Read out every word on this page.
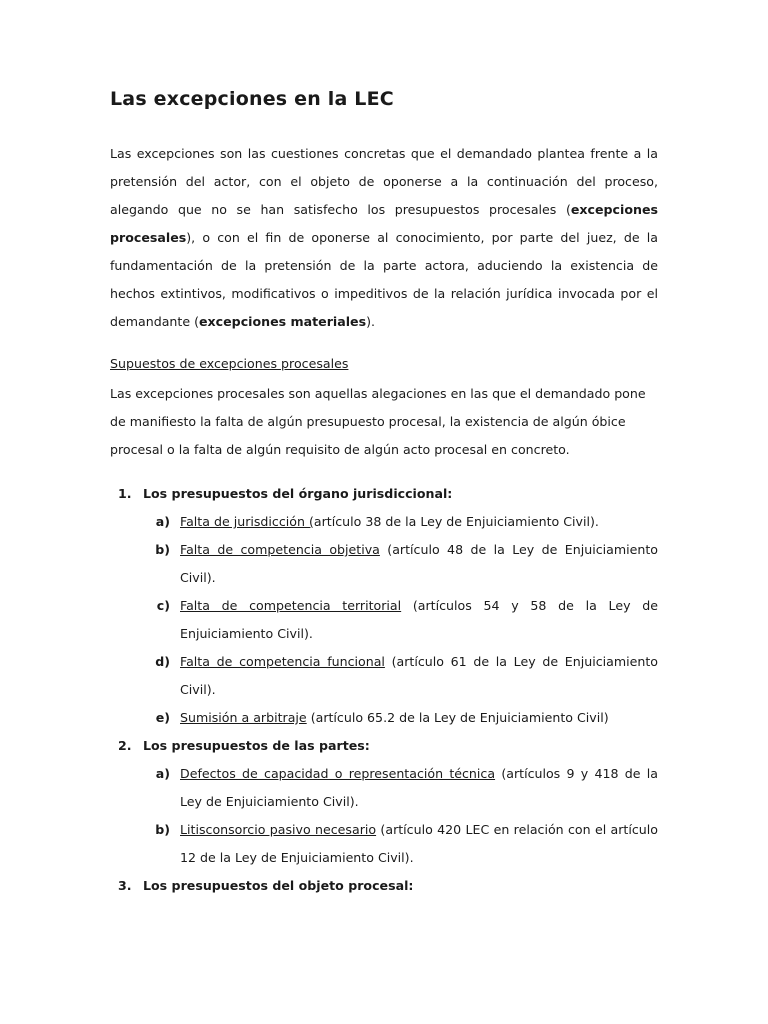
Las excepciones en la LEC

Las excepciones son las cuestiones concretas que el demandado plantea frente a la pretensión del actor, con el objeto de oponerse a la continuación del proceso, alegando que no se han satisfecho los presupuestos procesales (excepciones procesales), o con el fin de oponerse al conocimiento, por parte del juez, de la fundamentación de la pretensión de la parte actora, aduciendo la existencia de hechos extintivos, modificativos o impeditivos de la relación jurídica invocada por el demandante (excepciones materiales).

Supuestos de excepciones procesales

Las excepciones procesales son aquellas alegaciones en las que el demandado pone de manifiesto la falta de algún presupuesto procesal, la existencia de algún óbice procesal o la falta de algún requisito de algún acto procesal en concreto.

1. Los presupuestos del órgano jurisdiccional:
a) Falta de jurisdicción (artículo 38 de la Ley de Enjuiciamiento Civil).
b) Falta de competencia objetiva (artículo 48 de la Ley de Enjuiciamiento Civil).
c) Falta de competencia territorial (artículos 54 y 58 de la Ley de Enjuiciamiento Civil).
d) Falta de competencia funcional (artículo 61 de la Ley de Enjuiciamiento Civil).
e) Sumisión a arbitraje (artículo 65.2 de la Ley de Enjuiciamiento Civil)
2. Los presupuestos de las partes:
a) Defectos de capacidad o representación técnica (artículos 9 y 418 de la Ley de Enjuiciamiento Civil).
b) Litisconsorcio pasivo necesario (artículo 420 LEC en relación con el artículo 12 de la Ley de Enjuiciamiento Civil).
3. Los presupuestos del objeto procesal:
